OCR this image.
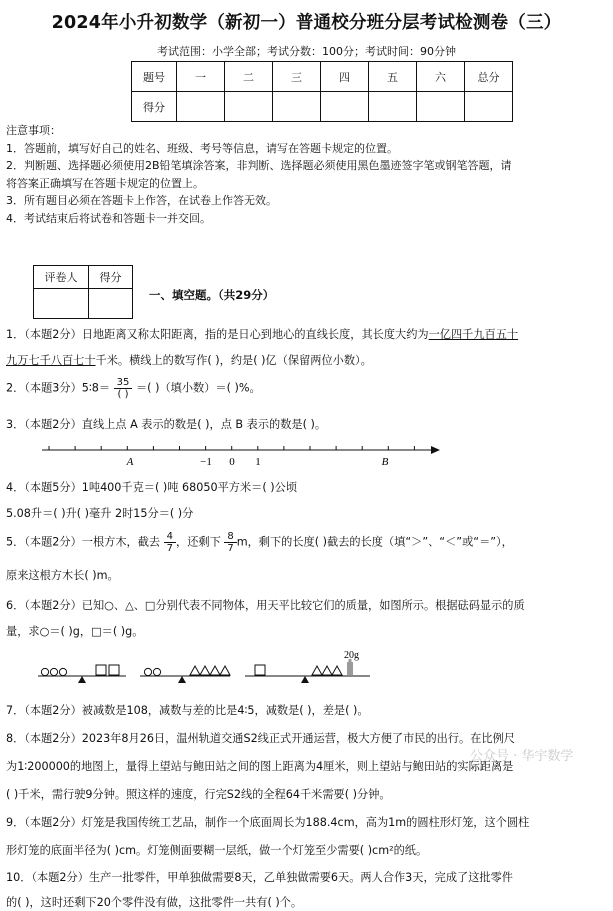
2024年小升初数学（新初一）普通校分班分层考试检测卷（三）
考试范围：小学全部；考试分数：100分；考试时间：90分钟
题号	一	二	三	四	五	六	总分
得分							
注意事项：
1．答题前，填写好自己的姓名、班级、考号等信息，请写在答题卡规定的位置。
2．判断题、选择题必须使用2B铅笔填涂答案，非判断、选择题必须使用黑色墨迹签字笔或钢笔答题，请
将答案正确填写在答题卡规定的位置上。
3．所有题目必须在答题卡上作答，在试卷上作答无效。
4．考试结束后将试卷和答题卡一并交回。
评卷人	得分

一、填空题。（共29分）
1．（本题2分）日地距离又称太阳距离，指的是日心到地心的直线长度，其长度大约为一亿四千九百五十
九万七千八百七十千米。横线上的数写作( )，约是( )亿（保留两位小数）。
2．（本题3分）5∶8＝ $\frac{35}{( )}$ ＝( )（填小数）＝( )%。
3．（本题2分）直线上点 A 表示的数是( )，点 B 表示的数是( )。
A	−1 0 1	B
4．（本题5分）1吨400千克＝( )吨 68050平方米＝( )公顷
5.08升＝( )升( )毫升 2时15分＝( )分
5．（本题2分）一根方木，截去 $\frac{4}{7}$ ，还剩下 $\frac{8}{7}$ m，剩下的长度( )截去的长度（填“＞”、“＜”或“＝”），
原来这根方木长( )m。
6．（本题2分）已知○、△、□分别代表不同物体，用天平比较它们的质量，如图所示。根据砝码显示的质
量，求○＝( )g，□＝( )g。
20g
7．（本题2分）被减数是108，减数与差的比是4∶5，减数是( )，差是( )。
8．（本题2分）2023年8月26日，温州轨道交通S2线正式开通运营，极大方便了市民的出行。在比例尺
为1∶200000的地图上，量得上望站与鲍田站之间的图上距离为4厘米，则上望站与鲍田站的实际距离是
( )千米，需行驶9分钟。照这样的速度，行完S2线的全程64千米需要( )分钟。
9．（本题2分）灯笼是我国传统工艺品，制作一个底面周长为188.4cm，高为1m的圆柱形灯笼，这个圆柱
形灯笼的底面半径为( )cm。灯笼侧面要糊一层纸，做一个灯笼至少需要( )cm²的纸。
10．（本题2分）生产一批零件，甲单独做需要8天，乙单独做需要6天。两人合作3天，完成了这批零件
的( )，这时还剩下20个零件没有做，这批零件一共有( )个。
公众号 · 华宇数学
